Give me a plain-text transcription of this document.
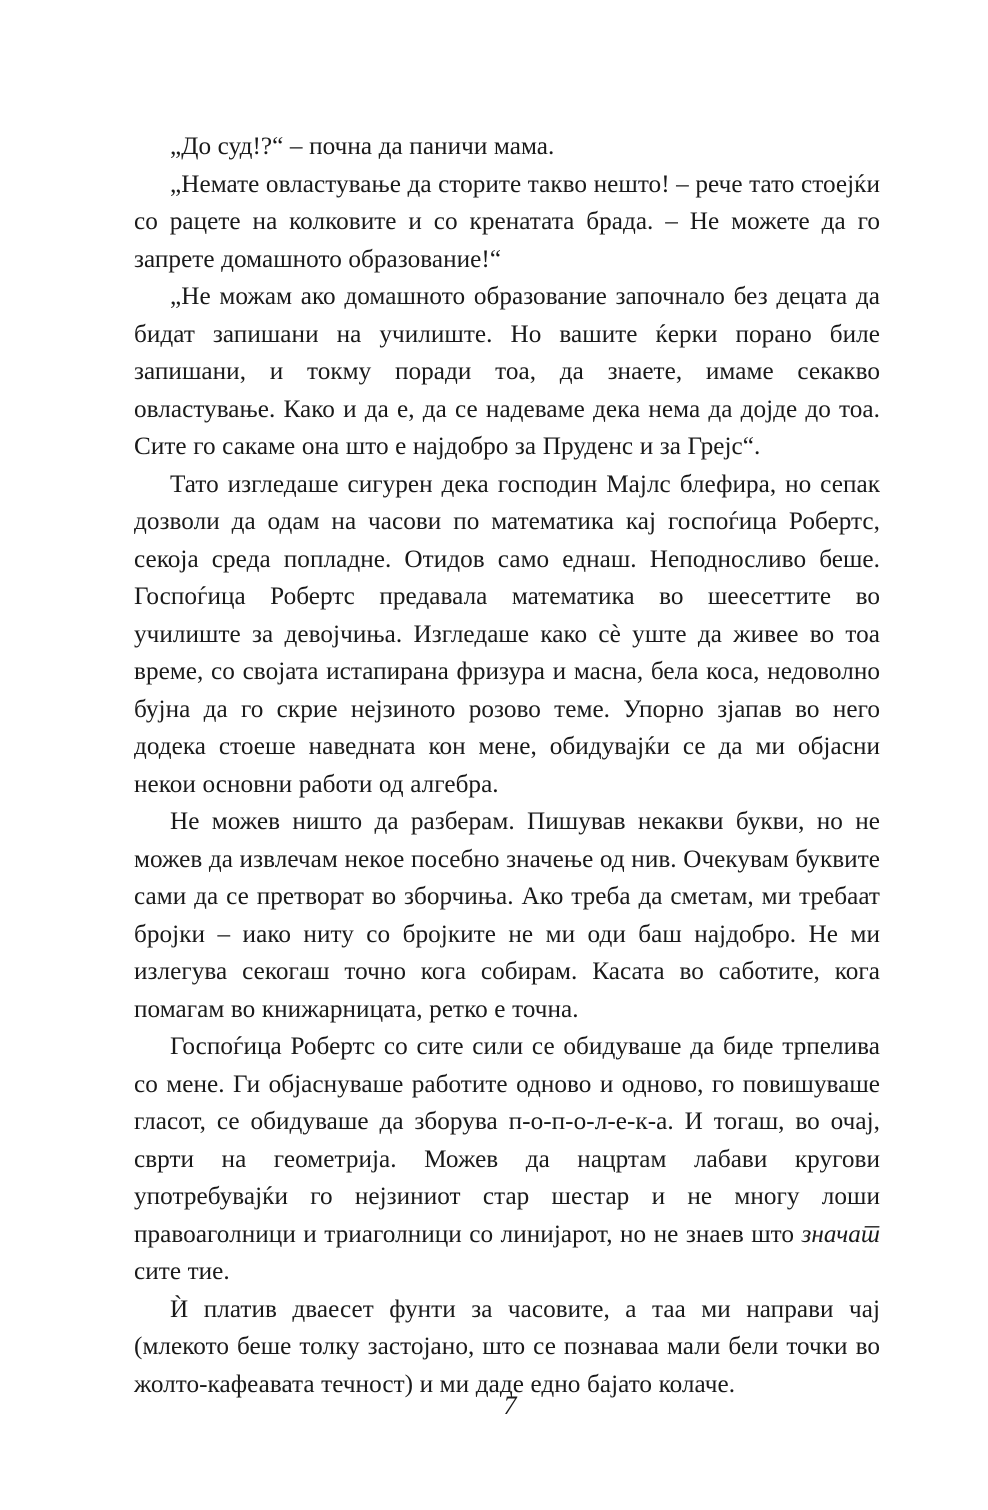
„До суд!?“ – почна да паничи мама.

„Немате овластување да сторите такво нешто! – рече тато стоејќи со рацете на колковите и со кренатата брада. – Не можете да го запрете домашното образование!“

„Не можам ако домашното образование започнало без децата да бидат запишани на училиште. Но вашите ќерки порано биле запишани, и токму поради тоа, да знаете, имаме секакво овластување. Како и да е, да се надеваме дека нема да дојде до тоа. Сите го сакаме она што е најдобро за Пруденс и за Грејс“.

Тато изгледаше сигурен дека господин Мајлс блефира, но сепак дозволи да одам на часови по математика кај госпоѓица Робертс, секоја среда попладне. Отидов само еднаш. Неподносливо беше. Госпоѓица Робертс предавала математика во шеесеттите во училиште за девојчиња. Изгледаше како сѐ уште да живее во тоа време, со својата истапирана фризура и масна, бела коса, недоволно бујна да го скрие нејзиното розово теме. Упорно зјапав во него додека стоеше наведната кон мене, обидувајќи се да ми објасни некои основни работи од алгебра.

Не можев ништо да разберам. Пишував некакви букви, но не можев да извлечам некое посебно значење од нив. Очекувам буквите сами да се претворат во зборчиња. Ако треба да сметам, ми требаат бројки – иако ниту со бројките не ми оди баш најдобро. Не ми излегува секогаш точно кога собирам. Касата во саботите, кога помагам во книжарницата, ретко е точна.

Госпоѓица Робертс со сите сили се обидуваше да биде трпелива со мене. Ги објаснуваше работите одново и одново, го повишуваше гласот, се обидуваше да зборува п-о-п-о-л-е-к-а. И тогаш, во очај, сврти на геометрија. Можев да нацртам лабави кругови употребувајќи го нејзиниот стар шестар и не многу лоши правоаголници и триаголници со линијарот, но не знаев што значат сите тие.

Ѝ платив дваесет фунти за часовите, а таа ми направи чај (млекото беше толку застојано, што се познаваа мали бели точки во жолто-кафеавата течност) и ми даде едно бајато колаче.

7
